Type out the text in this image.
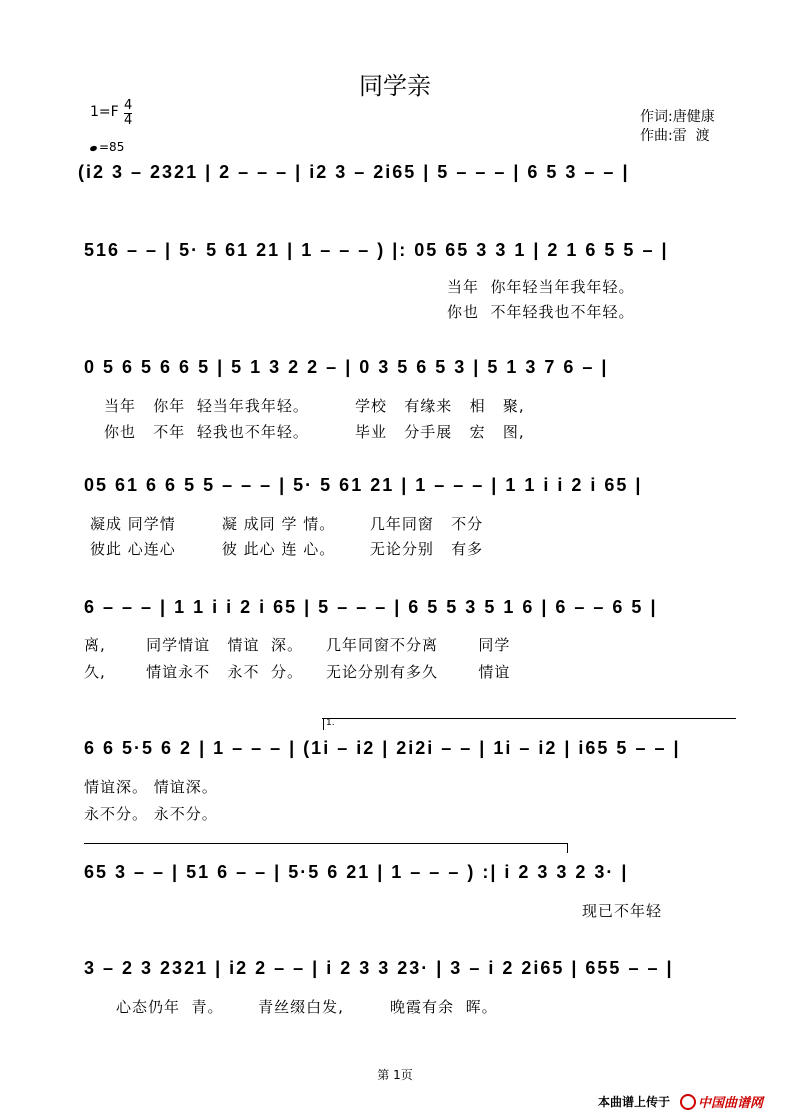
同学亲
1=F 4
4
=85
作词:唐健康
作曲:雷  渡
(i2 3 – 2321 | 2 – – – | i2 3 – 2i65 | 5 – – – | 6 5 3 – – |
516 – – | 5· 5 61 21 | 1 – – – ) |: 05 65 3 3 1 | 2 1 6 5 5 – |
当年  你年轻当年我年轻。
你也  不年轻我也不年轻。
0 5 6 5 6 6 5 | 5 1 3 2 2 – | 0 3 5 6 5 3 | 5 1 3 7 6 – |
当年   你年  轻当年我年轻。        学校   有缘来   相   聚,
你也   不年  轻我也不年轻。        毕业   分手展   宏   图,
05 61 6 6 5 5 – – – | 5· 5 61 21 | 1 – – – | 1 1 i i 2 i 65 |
凝成 同学情        凝 成同 学 情。      几年同窗   不分
彼此 心连心        彼 此心 连 心。      无论分别   有多
6 – – – | 1 1 i i 2 i 65 | 5 – – – | 6 5 5 3 5 1 6 | 6 – – 6 5 |
离,       同学情谊   情谊  深。    几年同窗不分离       同学
久,       情谊永不   永不  分。    无论分别有多久       情谊
1.
6 6 5·5 6 2 | 1 – – – | (1i – i2 | 2i2i – – | 1i – i2 | i65 5 – – |
情谊深。 情谊深。
永不分。 永不分。
65 3 – – | 51 6 – – | 5·5 6 21 | 1 – – – ) :| i 2 3 3 2 3· |
现已不年轻
3 – 2 3 2321 | i2 2 – – | i 2 3 3 23· | 3 – i 2 2i65 | 655 – – |
心态仍年  青。      青丝缀白发,        晚霞有余  晖。
第 1页
本曲谱上传于	中国曲谱网
